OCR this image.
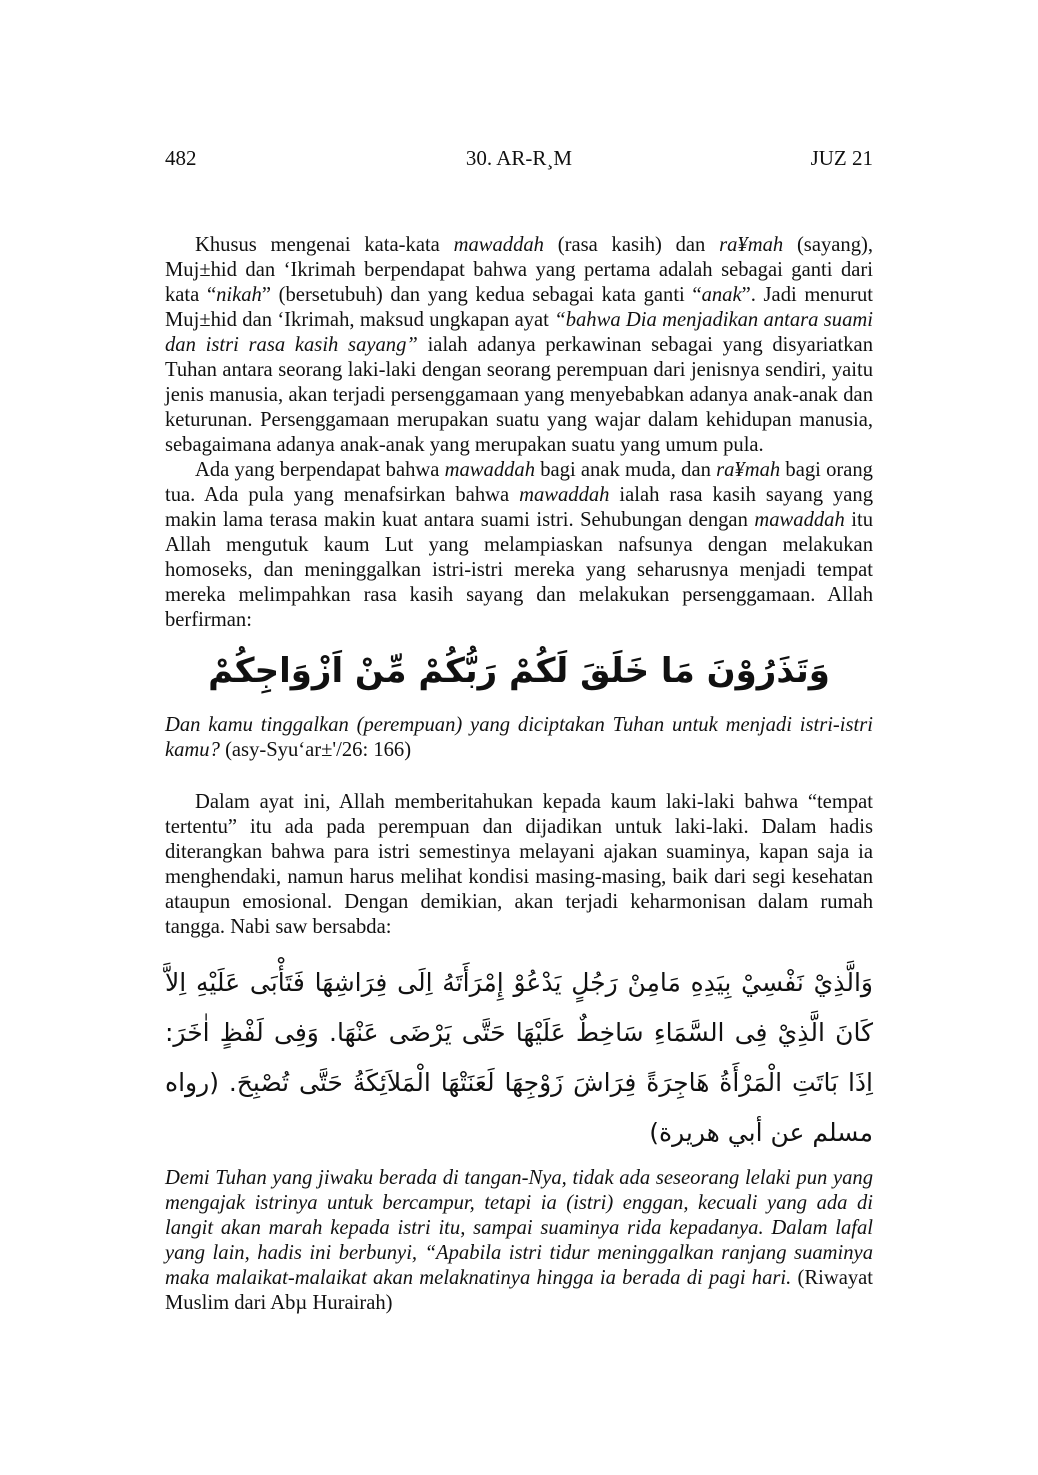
482	30. AR-R¸M	JUZ 21

Khusus mengenai kata-kata mawaddah (rasa kasih) dan ra¥mah (sayang), Muj±hid dan ‘Ikrimah berpendapat bahwa yang pertama adalah sebagai ganti dari kata “nikah” (bersetubuh) dan yang kedua sebagai kata ganti “anak”. Jadi menurut Muj±hid dan ‘Ikrimah, maksud ungkapan ayat “bahwa Dia menjadikan antara suami dan istri rasa kasih sayang” ialah adanya perkawinan sebagai yang disyariatkan Tuhan antara seorang laki-laki dengan seorang perempuan dari jenisnya sendiri, yaitu jenis manusia, akan terjadi persenggamaan yang menyebabkan adanya anak-anak dan keturunan. Persenggamaan merupakan suatu yang wajar dalam kehidupan manusia, sebagaimana adanya anak-anak yang merupakan suatu yang umum pula.

Ada yang berpendapat bahwa mawaddah bagi anak muda, dan ra¥mah bagi orang tua. Ada pula yang menafsirkan bahwa mawaddah ialah rasa kasih sayang yang makin lama terasa makin kuat antara suami istri. Sehubungan dengan mawaddah itu Allah mengutuk kaum Lut yang melampiaskan nafsunya dengan melakukan homoseks, dan meninggalkan istri-istri mereka yang seharusnya menjadi tempat mereka melimpahkan rasa kasih sayang dan melakukan persenggamaan. Allah berfirman:

وَتَذَرُوْنَ مَا خَلَقَ لَكُمْ رَبُّكُمْ مِّنْ اَزْوَاجِكُمْ

Dan kamu tinggalkan (perempuan) yang diciptakan Tuhan untuk menjadi istri-istri kamu? (asy-Syu‘ar±'/26: 166)

Dalam ayat ini, Allah memberitahukan kepada kaum laki-laki bahwa “tempat tertentu” itu ada pada perempuan dan dijadikan untuk laki-laki. Dalam hadis diterangkan bahwa para istri semestinya melayani ajakan suaminya, kapan saja ia menghendaki, namun harus melihat kondisi masing-masing, baik dari segi kesehatan ataupun emosional. Dengan demikian, akan terjadi keharmonisan dalam rumah tangga. Nabi saw bersabda:

وَالَّذِيْ نَفْسِيْ بِيَدِهِ مَامِنْ رَجُلٍ يَدْعُوْ إِمْرَأَتَهُ اِلَى فِرَاشِهَا فَتَأْبَى عَلَيْهِ اِلاَّ كَانَ الَّذِيْ فِى السَّمَاءِ سَاخِطٌ عَلَيْهَا حَتَّى يَرْضَى عَنْهَا. وَفِى لَفْظٍ اٰخَرَ: اِذَا بَاتَتِ الْمَرْأَةُ هَاجِرَةً فِرَاشَ زَوْجِهَا لَعَنَتْهَا الْمَلاَئِكَةُ حَتَّى تُصْبِحَ. (رواه مسلم عن أبي هريرة)

Demi Tuhan yang jiwaku berada di tangan-Nya, tidak ada seseorang lelaki pun yang mengajak istrinya untuk bercampur, tetapi ia (istri) enggan, kecuali yang ada di langit akan marah kepada istri itu, sampai suaminya rida kepadanya. Dalam lafal yang lain, hadis ini berbunyi, “Apabila istri tidur meninggalkan ranjang suaminya maka malaikat-malaikat akan melaknatinya hingga ia berada di pagi hari. (Riwayat Muslim dari Abµ Hurairah)
